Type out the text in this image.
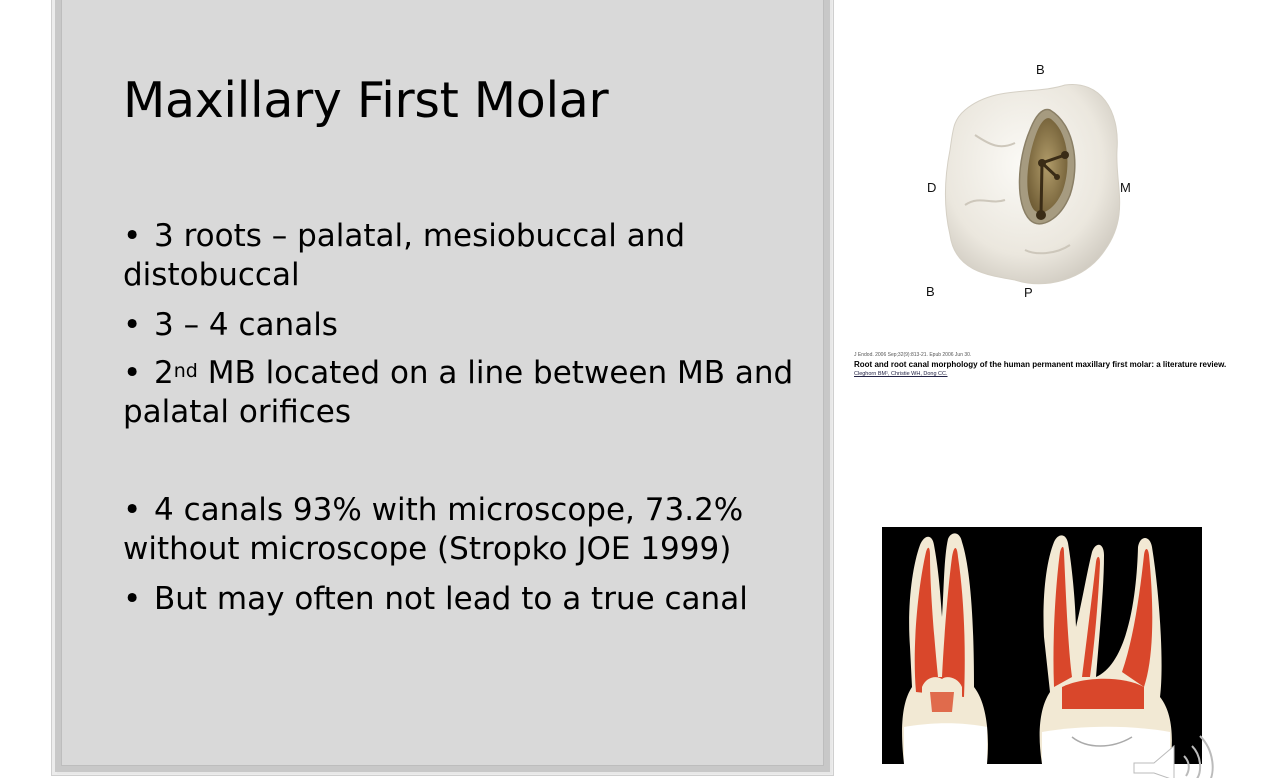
Maxillary First Molar
• 3 roots – palatal, mesiobuccal and
distobuccal
• 3 – 4 canals
• 2nd MB located on a line between MB and
palatal orifices
• 4 canals 93% with microscope, 73.2%
without microscope (Stropko JOE 1999)
• But may often not lead to a true canal
B
D	M
B	P
J Endod. 2006 Sep;32(9):813-21. Epub 2006 Jun 30.
Root and root canal morphology of the human permanent maxillary first molar: a literature review.
Cleghorn BM¹, Christie WH, Dong CC.
